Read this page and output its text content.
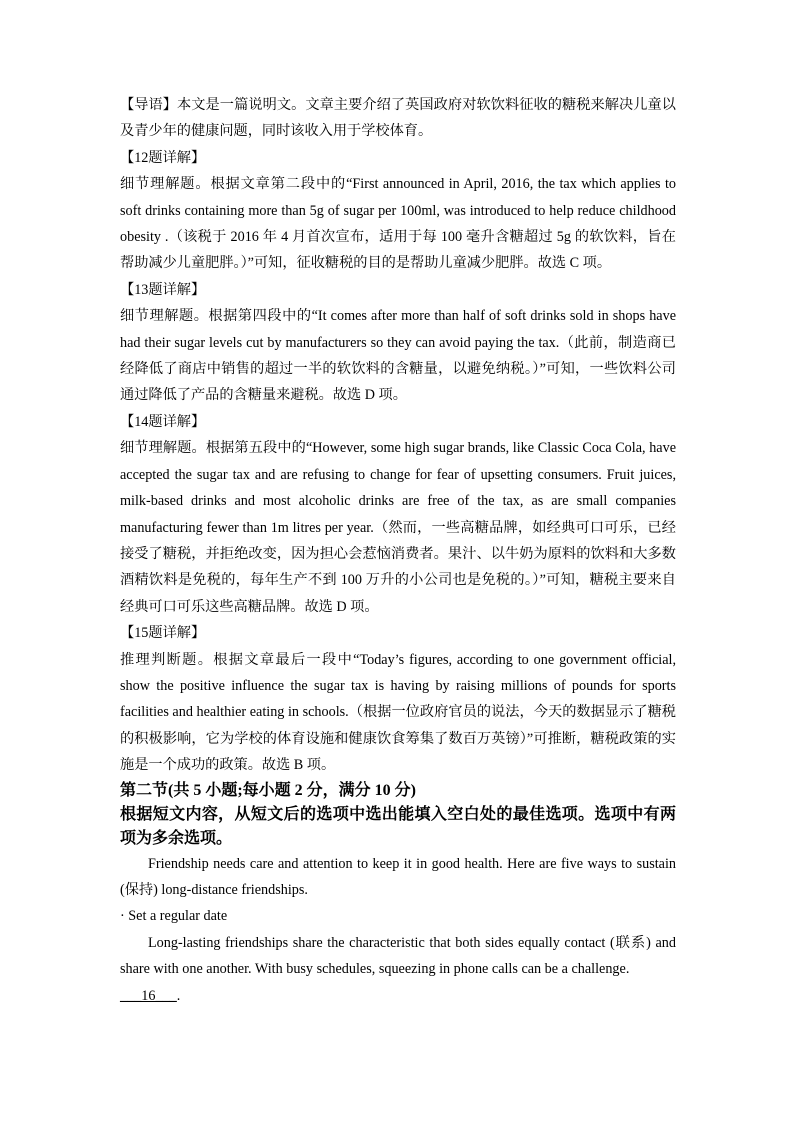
【导语】本文是一篇说明文。文章主要介绍了英国政府对软饮料征收的糖税来解决儿童以及青少年的健康问题，同时该收入用于学校体育。

【12题详解】

细节理解题。根据文章第二段中的“First announced in April, 2016, the tax which applies to soft drinks containing more than 5g of sugar per 100ml, was introduced to help reduce childhood obesity .（该税于 2016 年 4 月首次宣布，适用于每 100 毫升含糖超过 5g 的软饮料，旨在帮助减少儿童肥胖。）”可知，征收糖税的目的是帮助儿童减少肥胖。故选 C 项。

【13题详解】

细节理解题。根据第四段中的“It comes after more than half of soft drinks sold in shops have had their sugar levels cut by manufacturers so they can avoid paying the tax.（此前，制造商已经降低了商店中销售的超过一半的软饮料的含糖量，以避免纳税。）”可知，一些饮料公司通过降低了产品的含糖量来避税。故选 D 项。

【14题详解】

细节理解题。根据第五段中的“However, some high sugar brands, like Classic Coca Cola, have accepted the sugar tax and are refusing to change for fear of upsetting consumers. Fruit juices, milk-based drinks and most alcoholic drinks are free of the tax, as are small companies manufacturing fewer than 1m litres per year.（然而，一些高糖品牌，如经典可口可乐，已经接受了糖税，并拒绝改变，因为担心会惹恼消费者。果汁、以牛奶为原料的饮料和大多数酒精饮料是免税的，每年生产不到 100 万升的小公司也是免税的。）”可知，糖税主要来自经典可口可乐这些高糖品牌。故选 D 项。

【15题详解】

推理判断题。根据文章最后一段中“Today’s figures, according to one government official, show the positive influence the sugar tax is having by raising millions of pounds for sports facilities and healthier eating in schools.（根据一位政府官员的说法，今天的数据显示了糖税的积极影响，它为学校的体育设施和健康饮食筹集了数百万英镑）”可推断，糖税政策的实施是一个成功的政策。故选 B 项。

第二节(共 5 小题;每小题 2 分，满分 10 分)

根据短文内容，从短文后的选项中选出能填入空白处的最佳选项。选项中有两项为多余选项。

Friendship needs care and attention to keep it in good health. Here are five ways to sustain (保持) long-distance friendships.

· Set a regular date

Long-lasting friendships share the characteristic that both sides equally contact (联系) and share with one another. With busy schedules, squeezing in phone calls can be a challenge.

___16___.
